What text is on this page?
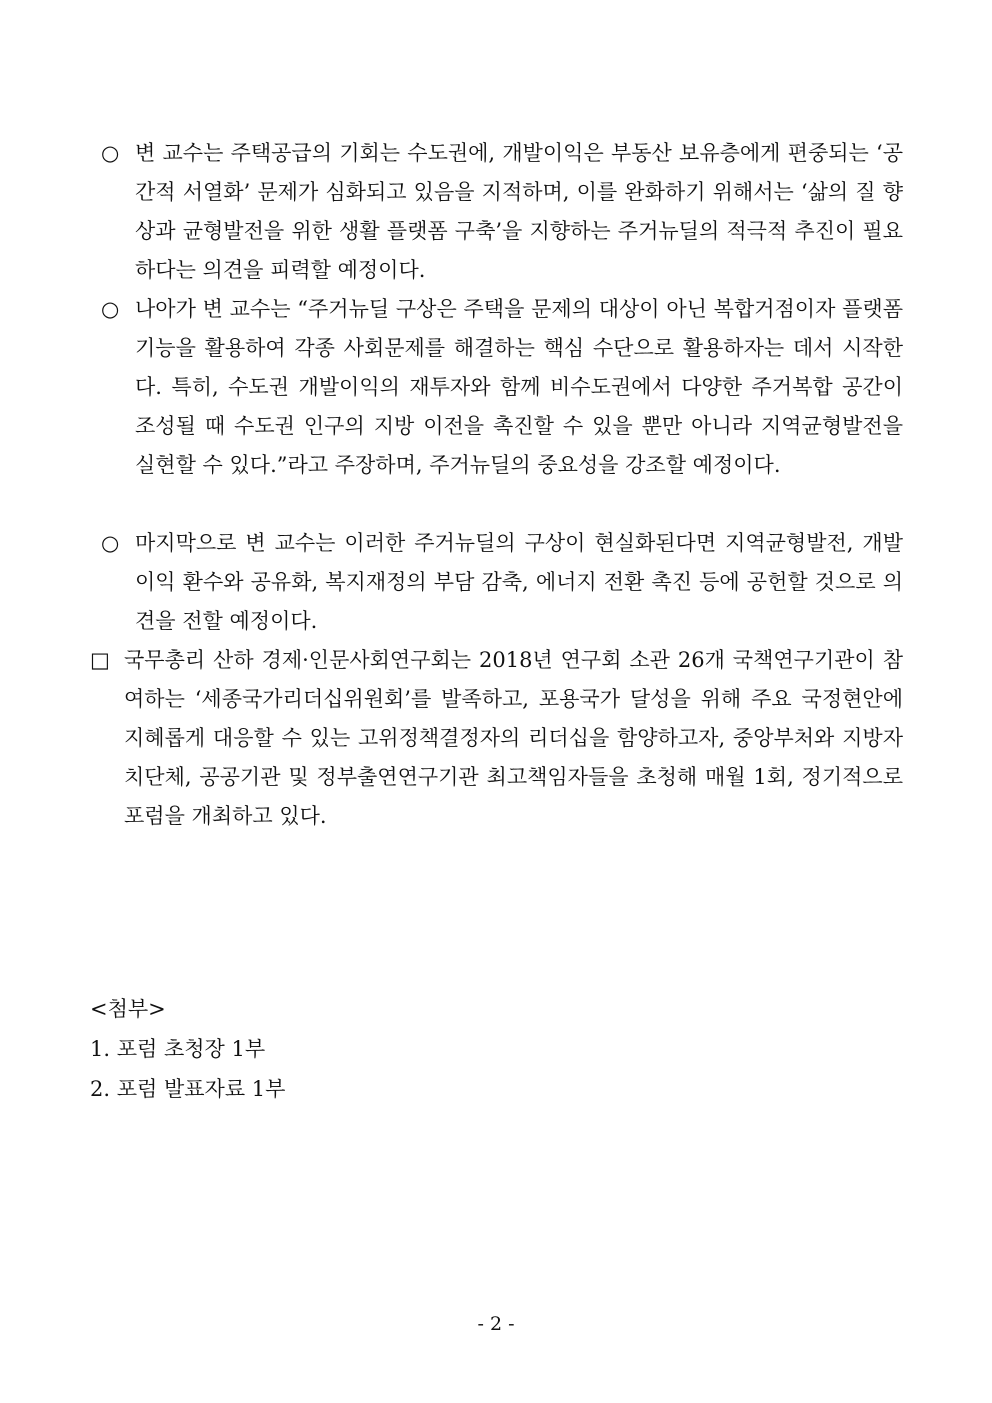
○ 변 교수는 주택공급의 기회는 수도권에, 개발이익은 부동산 보유층에게 편중되는 ‘공간적 서열화’ 문제가 심화되고 있음을 지적하며, 이를 완화하기 위해서는 ‘삶의 질 향상과 균형발전을 위한 생활 플랫폼 구축’을 지향하는 주거뉴딜의 적극적 추진이 필요하다는 의견을 피력할 예정이다.
○ 나아가 변 교수는 “주거뉴딜 구상은 주택을 문제의 대상이 아닌 복합거점이자 플랫폼 기능을 활용하여 각종 사회문제를 해결하는 핵심 수단으로 활용하자는 데서 시작한다. 특히, 수도권 개발이익의 재투자와 함께 비수도권에서 다양한 주거복합 공간이 조성될 때 수도권 인구의 지방 이전을 촉진할 수 있을 뿐만 아니라 지역균형발전을 실현할 수 있다.”라고 주장하며, 주거뉴딜의 중요성을 강조할 예정이다.
○ 마지막으로 변 교수는 이러한 주거뉴딜의 구상이 현실화된다면 지역균형발전, 개발이익 환수와 공유화, 복지재정의 부담 감축, 에너지 전환 촉진 등에 공헌할 것으로 의견을 전할 예정이다.
□ 국무총리 산하 경제·인문사회연구회는 2018년 연구회 소관 26개 국책연구기관이 참여하는 ‘세종국가리더십위원회’를 발족하고, 포용국가 달성을 위해 주요 국정현안에 지혜롭게 대응할 수 있는 고위정책결정자의 리더십을 함양하고자, 중앙부처와 지방자치단체, 공공기관 및 정부출연연구기관 최고책임자들을 초청해 매월 1회, 정기적으로 포럼을 개최하고 있다.
<첨부>
1. 포럼 초청장 1부
2. 포럼 발표자료 1부
- 2 -
